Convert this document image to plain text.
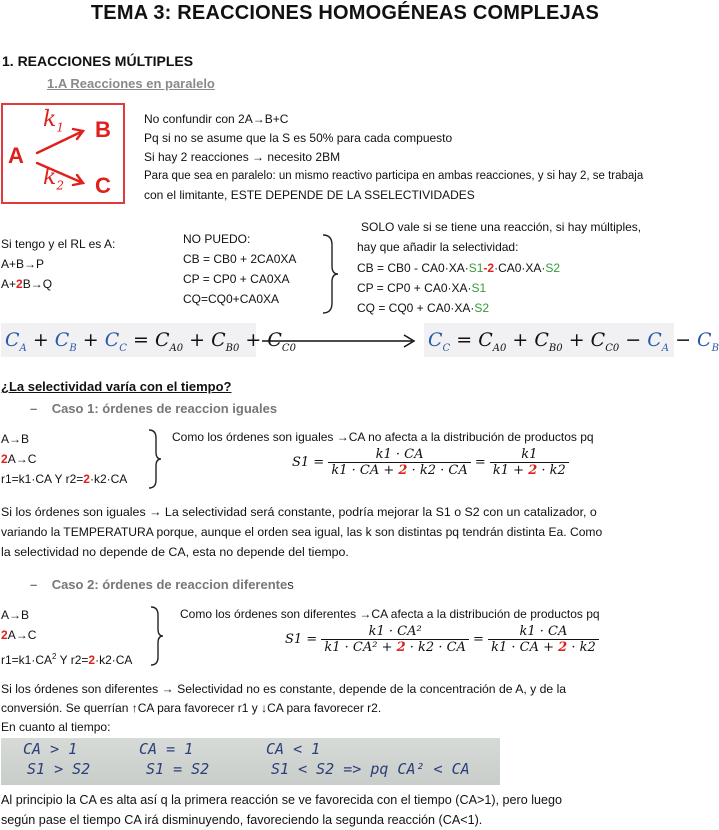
TEMA 3: REACCIONES HOMOGÉNEAS COMPLEJAS
1. REACCIONES MÚLTIPLES
1.A Reacciones en paralelo
A
B
C
$k_1$
$k_2$
No confundir con 2A→B+C
Pq si no se asume que la S es 50% para cada compuesto
Si hay 2 reacciones → necesito 2BM
Para que sea en paralelo: un mismo reactivo participa en ambas reacciones, y si hay 2, se trabaja
con el limitante, ESTE DEPENDE DE LA SSELECTIVIDADES
Si tengo y el RL es A:
A+B→P
A+2B→Q
NO PUEDO:
CB = CB0 + 2CA0XA
CP = CP0 + CA0XA
CQ=CQ0+CA0XA
SOLO vale si se tiene una reacción, si hay múltiples,
hay que añadir la selectividad:
CB = CB0 - CA0·XA·S1-2·CA0·XA·S2
CP = CP0 + CA0·XA·S1
CQ = CQ0 + CA0·XA·S2
$C_A + C_B + C_C = C_{A0} + C_{B0} + C_{C0}$	$C_C = C_{A0} + C_{B0} + C_{C0} - C_A - C_B$
¿La selectividad varía con el tiempo?
–    Caso 1: órdenes de reaccion iguales
A→B
2A→C
r1=k1·CA Y r2=2·k2·CA
Como los órdenes son iguales →CA no afecta a la distribución de productos pq
$S1 = \frac{k1 \cdot CA}{k1 \cdot CA + 2 \cdot k2 \cdot CA} = \frac{k1}{k1 + 2 \cdot k2}$
Si los órdenes son iguales → La selectividad será constante, podría mejorar la S1 o S2 con un catalizador, o
variando la TEMPERATURA porque, aunque el orden sea igual, las k son distintas pq tendrán distinta Ea. Como
la selectividad no depende de CA, esta no depende del tiempo.
–    Caso 2: órdenes de reaccion diferentes
A→B
2A→C
$r1=k1\cdot CA^2$ Y r2=2·k2·CA
Como los órdenes son diferentes →CA afecta a la distribución de productos pq
$S1 = \frac{\text{k1 · CA²}}{\text{k1 · CA² + 2 · k2 · CA}} = \frac{k1 \cdot CA}{k1 \cdot CA + 2 \cdot k2}$
Si los órdenes son diferentes → Selectividad no es constante, depende de la concentración de A, y de la
conversión. Se querrían ↑CA para favorecer r1 y ↓CA para favorecer r2.
En cuanto al tiempo:
CA > 1
S1 > S2
CA = 1
S1 = S2
CA < 1
S1 < S2 => pq CA² < CA
Al principio la CA es alta así q la primera reacción se ve favorecida con el tiempo (CA>1), pero luego
según pase el tiempo CA irá disminuyendo, favoreciendo la segunda reacción (CA<1).
